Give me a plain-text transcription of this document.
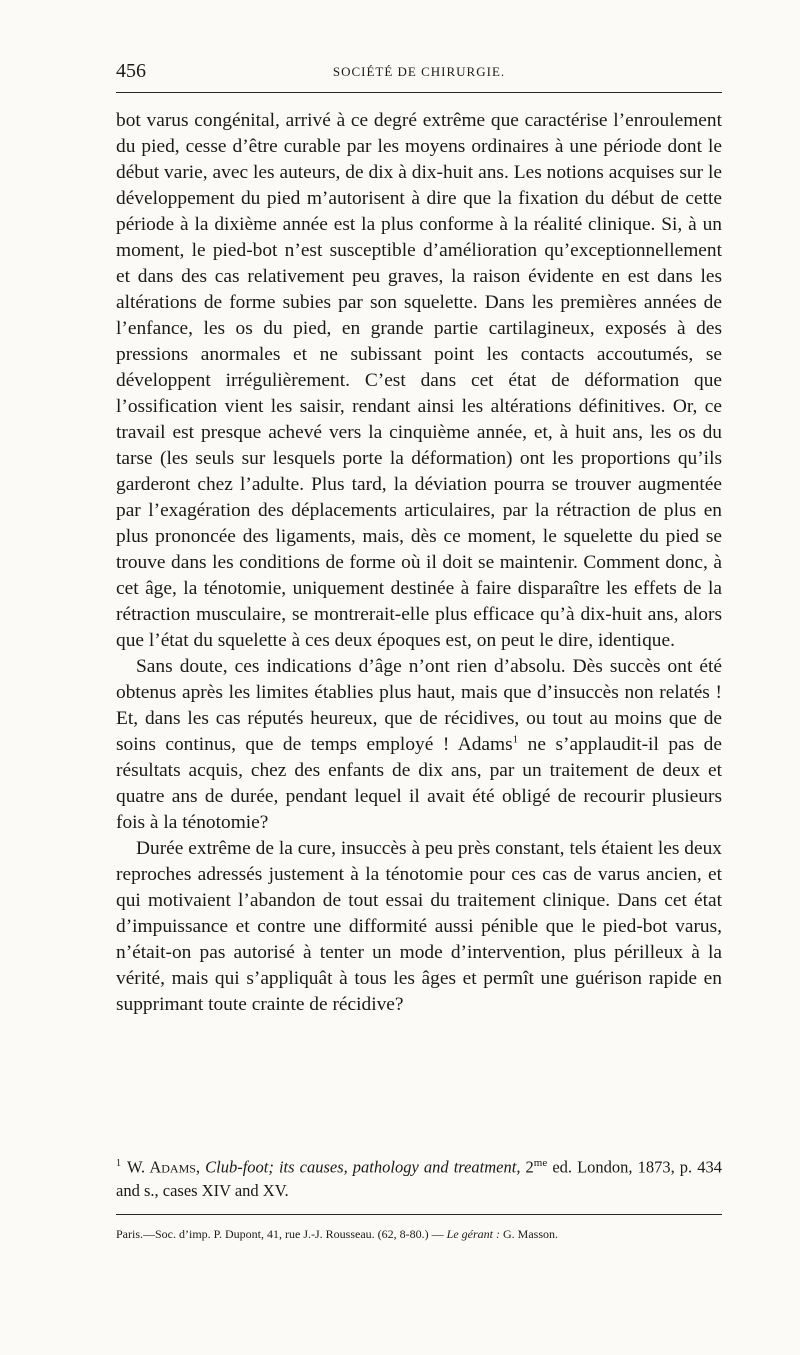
456	SOCIÉTÉ DE CHIRURGIE.

bot varus congénital, arrivé à ce degré extrême que caractérise l’enroulement du pied, cesse d’être curable par les moyens ordinaires à une période dont le début varie, avec les auteurs, de dix à dix-huit ans. Les notions acquises sur le développement du pied m’autorisent à dire que la fixation du début de cette période à la dixième année est la plus conforme à la réalité clinique. Si, à un moment, le pied-bot n’est susceptible d’amélioration qu’exceptionnellement et dans des cas relativement peu graves, la raison évidente en est dans les altérations de forme subies par son squelette. Dans les premières années de l’enfance, les os du pied, en grande partie cartilagineux, exposés à des pressions anormales et ne subissant point les contacts accoutumés, se développent irrégulièrement. C’est dans cet état de déformation que l’ossification vient les saisir, rendant ainsi les altérations définitives. Or, ce travail est presque achevé vers la cinquième année, et, à huit ans, les os du tarse (les seuls sur lesquels porte la déformation) ont les proportions qu’ils garderont chez l’adulte. Plus tard, la déviation pourra se trouver augmentée par l’exagération des déplacements articulaires, par la rétraction de plus en plus prononcée des ligaments, mais, dès ce moment, le squelette du pied se trouve dans les conditions de forme où il doit se maintenir. Comment donc, à cet âge, la ténotomie, uniquement destinée à faire disparaître les effets de la rétraction musculaire, se montrerait-elle plus efficace qu’à dix-huit ans, alors que l’état du squelette à ces deux époques est, on peut le dire, identique.

Sans doute, ces indications d’âge n’ont rien d’absolu. Dès succès ont été obtenus après les limites établies plus haut, mais que d’insuccès non relatés ! Et, dans les cas réputés heureux, que de récidives, ou tout au moins que de soins continus, que de temps employé ! Adams$^1$ ne s’applaudit-il pas de résultats acquis, chez des enfants de dix ans, par un traitement de deux et quatre ans de durée, pendant lequel il avait été obligé de recourir plusieurs fois à la ténotomie?

Durée extrême de la cure, insuccès à peu près constant, tels étaient les deux reproches adressés justement à la ténotomie pour ces cas de varus ancien, et qui motivaient l’abandon de tout essai du traitement clinique. Dans cet état d’impuissance et contre une difformité aussi pénible que le pied-bot varus, n’était-on pas autorisé à tenter un mode d’intervention, plus périlleux à la vérité, mais qui s’appliquât à tous les âges et permît une guérison rapide en supprimant toute crainte de récidive?

$^1$ W. Adams, Club-foot; its causes, pathology and treatment, $2^{me}$ ed. London, 1873, p. 434 and s., cases XIV and XV.
Paris.—Soc. d’imp. P. Dupont, 41, rue J.-J. Rousseau. (62, 8-80.) — Le gérant : G. Masson.
